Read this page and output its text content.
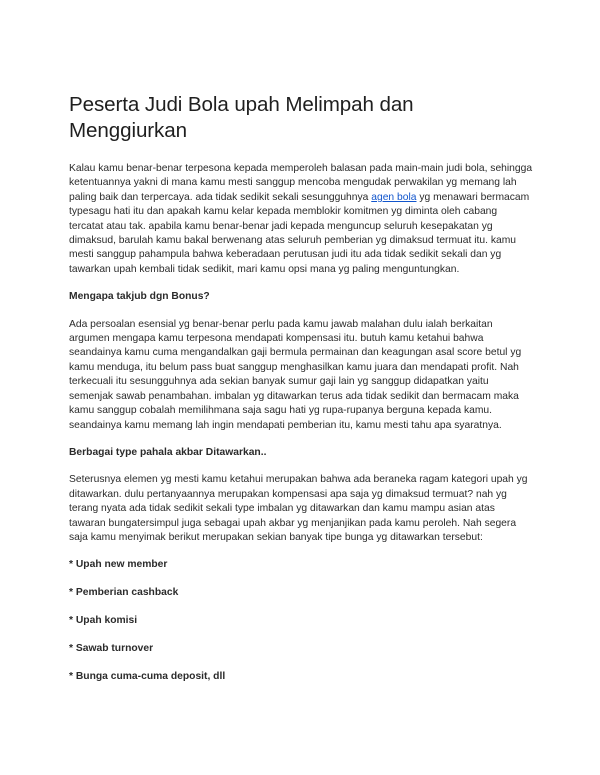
Peserta Judi Bola upah Melimpah dan Menggiurkan

Kalau kamu benar-benar terpesona kepada memperoleh balasan pada main-main judi bola, sehingga ketentuannya yakni di mana kamu mesti sanggup mencoba mengudak perwakilan yg memang lah paling baik dan terpercaya. ada tidak sedikit sekali sesungguhnya agen bola yg menawari bermacam typesagu hati itu dan apakah kamu kelar kepada memblokir komitmen yg diminta oleh cabang tercatat atau tak. apabila kamu benar-benar jadi kepada menguncup seluruh kesepakatan yg dimaksud, barulah kamu bakal berwenang atas seluruh pemberian yg dimaksud termuat itu. kamu mesti sanggup pahampula bahwa keberadaan perutusan judi itu ada tidak sedikit sekali dan yg tawarkan upah kembali tidak sedikit, mari kamu opsi mana yg paling menguntungkan.

Mengapa takjub dgn Bonus?

Ada persoalan esensial yg benar-benar perlu pada kamu jawab malahan dulu ialah berkaitan argumen mengapa kamu terpesona mendapati kompensasi itu. butuh kamu ketahui bahwa seandainya kamu cuma mengandalkan gaji bermula permainan dan keagungan asal score betul yg kamu menduga, itu belum pass buat sanggup menghasilkan kamu juara dan mendapati profit. Nah terkecuali itu sesungguhnya ada sekian banyak sumur gaji lain yg sanggup didapatkan yaitu semenjak sawab penambahan. imbalan yg ditawarkan terus ada tidak sedikit dan bermacam maka kamu sanggup cobalah memilihmana saja sagu hati yg rupa-rupanya berguna kepada kamu. seandainya kamu memang lah ingin mendapati pemberian itu, kamu mesti tahu apa syaratnya.

Berbagai type pahala akbar Ditawarkan..

Seterusnya elemen yg mesti kamu ketahui merupakan bahwa ada beraneka ragam kategori upah yg ditawarkan. dulu pertanyaannya merupakan kompensasi apa saja yg dimaksud termuat? nah yg terang nyata ada tidak sedikit sekali type imbalan yg ditawarkan dan kamu mampu asian atas tawaran bungatersimpul juga sebagai upah akbar yg menjanjikan pada kamu peroleh. Nah segera saja kamu menyimak berikut merupakan sekian banyak tipe bunga yg ditawarkan tersebut:

* Upah new member
* Pemberian cashback
* Upah komisi
* Sawab turnover
* Bunga cuma-cuma deposit, dll
